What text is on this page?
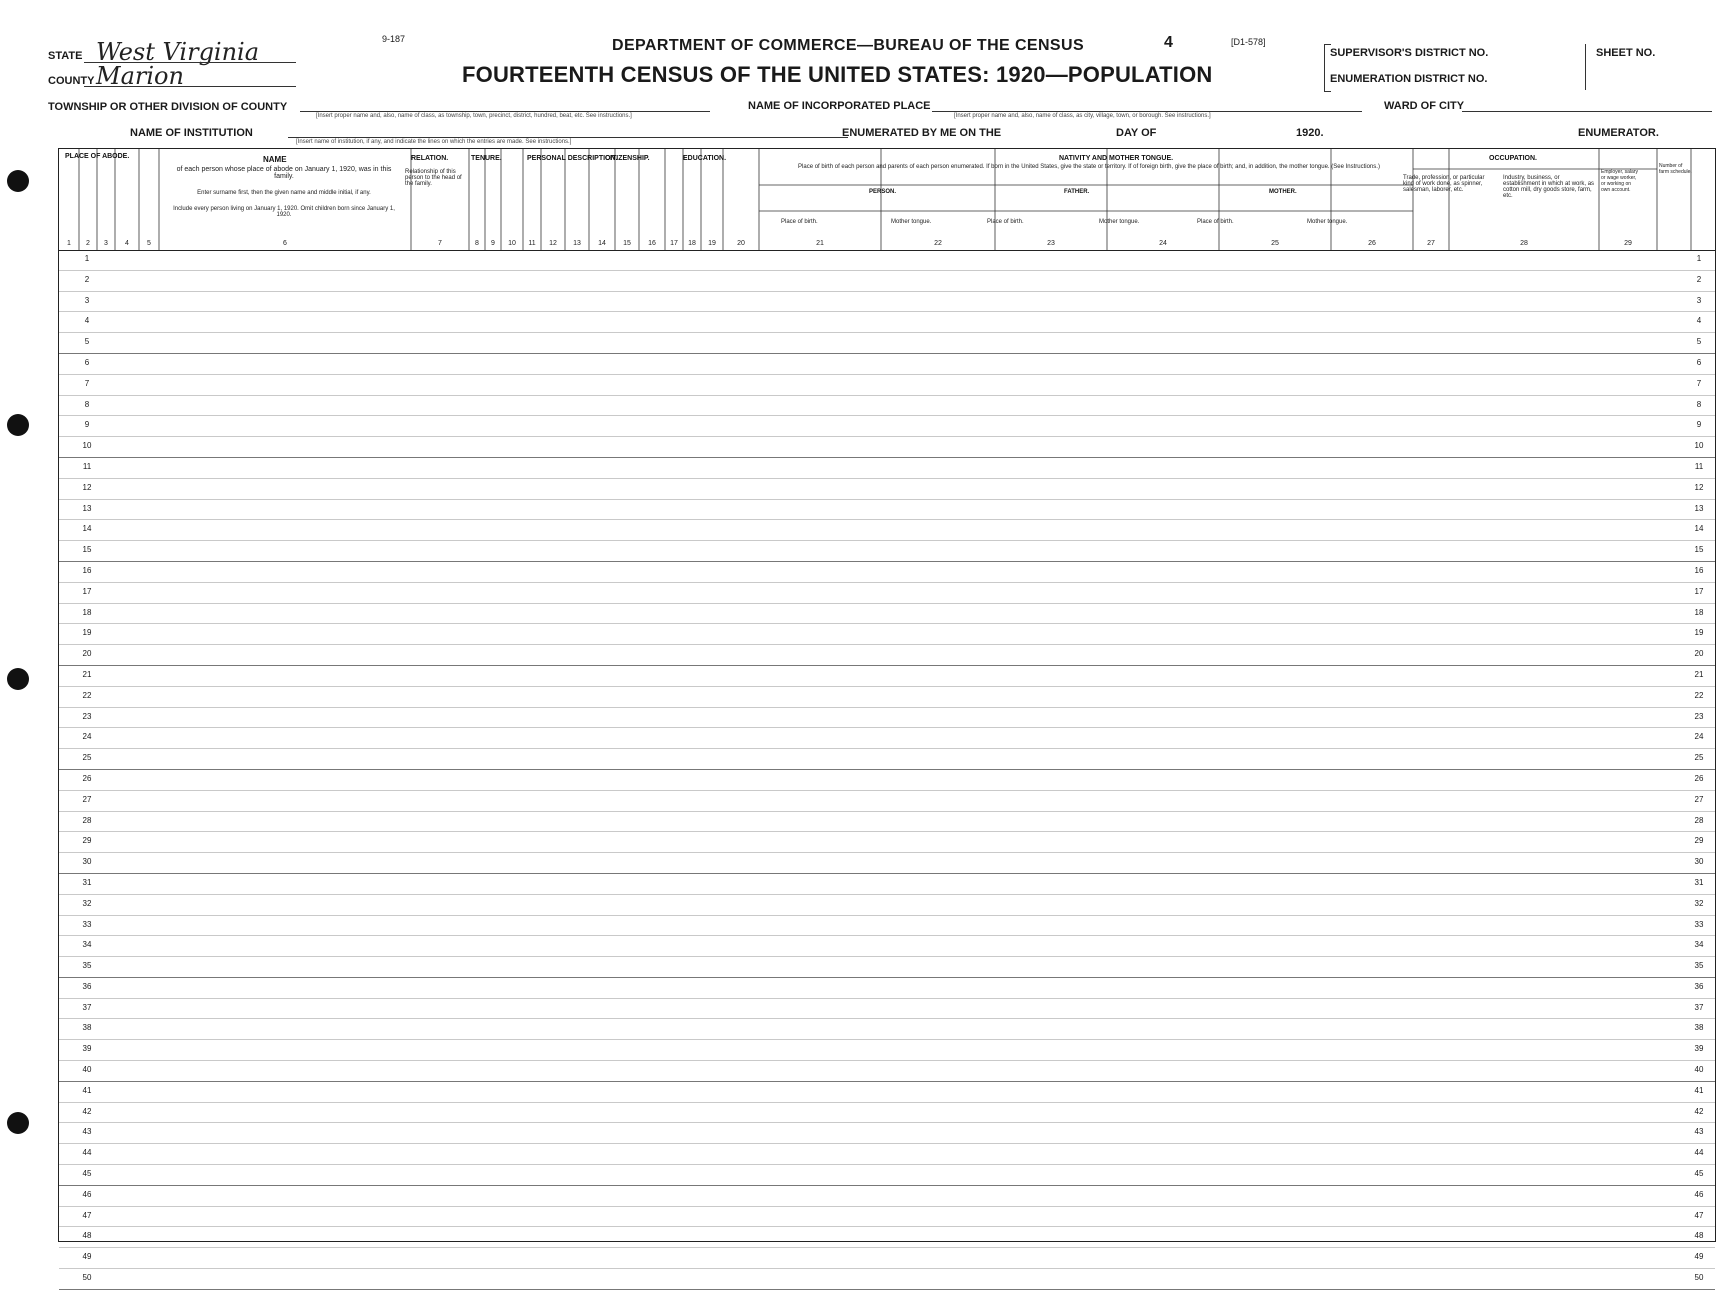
9-187	DEPARTMENT OF COMMERCE—BUREAU OF THE CENSUS	4	[D1-578]
FOURTEENTH CENSUS OF THE UNITED STATES: 1920—POPULATION
STATE West Virginia
COUNTY Marion
TOWNSHIP OR OTHER DIVISION OF COUNTY
[Insert proper name and, also, name of class, as township, town, precinct, district, hundred, beat, etc. See instructions.]
NAME OF INCORPORATED PLACE
[Insert proper name and, also, name of class, as city, village, town, or borough. See instructions.]
WARD OF CITY
NAME OF INSTITUTION
[Insert name of institution, if any, and indicate the lines on which the entries are made. See instructions.]
ENUMERATED BY ME ON THE	DAY OF	1920.	ENUMERATOR.
SUPERVISOR'S DISTRICT NO.
ENUMERATION DISTRICT NO.
SHEET NO.
1 2 3 4	5	6	7	8 9 10 11 12 13 14 15 16 17 18 19	20	21	22	23	24	25	26	27	28	29
PLACE OF ABODE.	NAME
of each person whose place of abode on January 1, 1920, was in this family.
Enter surname first, then the given name and middle initial, if any.
Include every person living on January 1, 1920. Omit children born since January 1, 1920.
RELATION.
Relationship of this person to the head of the family.
TENURE.	PERSONAL DESCRIPTION.
CITIZENSHIP.	EDUCATION.	NATIVITY AND MOTHER TONGUE.
Place of birth of each person and parents of each person enumerated. If born in the United States, give the state or territory. If of foreign birth, give the place of birth; and, in addition, the mother tongue. (See Instructions.)
PERSON.	FATHER.	MOTHER.
Place of birth.	Mother tongue.	Place of birth.	Mother tongue.	Place of birth.	Mother tongue.
OCCUPATION.
Trade, profession, or particular kind of work done, as spinner, salesman, laborer, etc.
Industry, business, or establishment in which at work, as cotton mill, dry goods store, farm, etc.
Employer, salary or wage worker, or working on own account.
Number of farm schedule.
1	1
2	2
3	3
4	4
5	5
6	6
7	7
8	8
9	9
10	10
11	11
12	12
13	13
14	14
15	15
16	16
17	17
18	18
19	19
20	20
21	21
22	22
23	23
24	24
25	25
26	26
27	27
28	28
29	29
30	30
31	31
32	32
33	33
34	34
35	35
36	36
37	37
38	38
39	39
40	40
41	41
42	42
43	43
44	44
45	45
46	46
47	47
48	48
49	49
50	50
